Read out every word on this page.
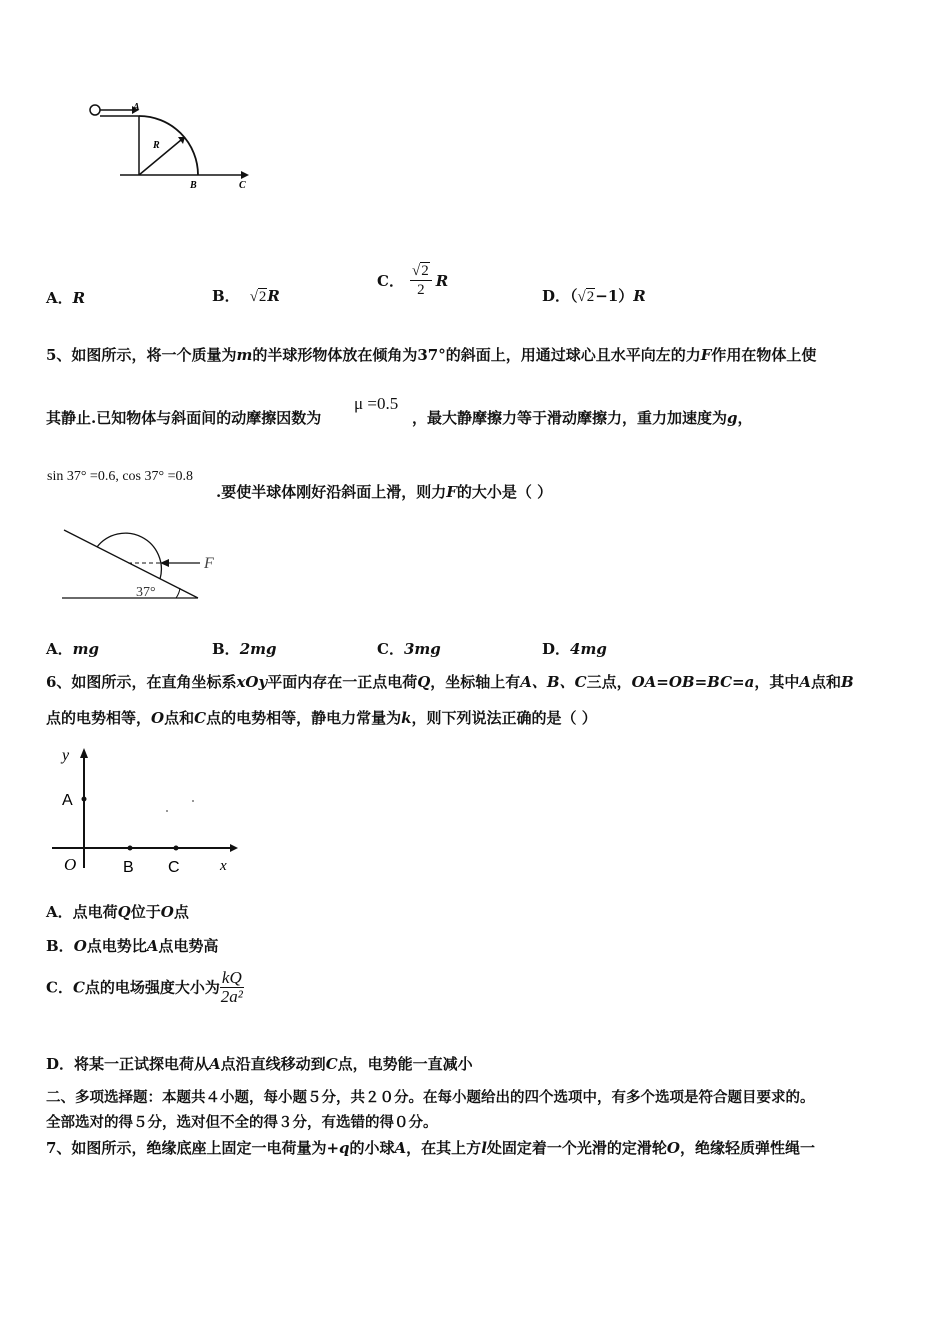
A
R
B	C
A．R	B． √2R
C． $\frac{√2}{2}$ R
D．（√2−1）R
5、如图所示，将一个质量为m的半球形物体放在倾角为37°的斜面上，用通过球心且水平向左的力F作用在物体上使
其静止.已知物体与斜面间的动摩擦因数为
μ =0.5
，最大静摩擦力等于滑动摩擦力，重力加速度为g，
sin 37° =0.6, cos 37° =0.8
.要使半球体刚好沿斜面上滑，则力F的大小是（ ）
F
37°
A．mg	B．2mg	C．3mg	D．4mg
6、如图所示，在直角坐标系xOy平面内存在一正点电荷Q，坐标轴上有A、B、C三点，OA=OB=BC=a，其中A点和B
点的电势相等，O点和C点的电势相等，静电力常量为k，则下列说法正确的是（ ）
y
A
O	B C	x
A．点电荷Q位于O点
B．O点电势比A点电势高
C．C点的电场强度大小为 $\frac{kQ}{\text{2a²}}$
D．将某一正试探电荷从A点沿直线移动到C点，电势能一直减小
二、多项选择题：本题共４小题，每小题５分，共２０分。在每小题给出的四个选项中，有多个选项是符合题目要求的。
全部选对的得５分，选对但不全的得３分，有选错的得０分。
7、如图所示，绝缘底座上固定一电荷量为+q的小球A，在其上方l处固定着一个光滑的定滑轮O，绝缘轻质弹性绳一
